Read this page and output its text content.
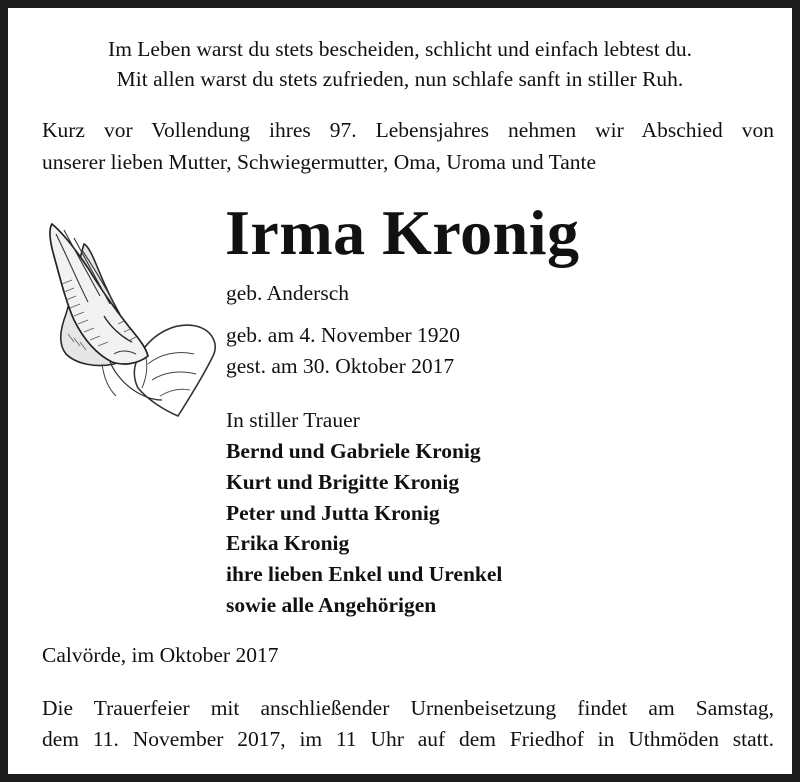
Im Leben warst du stets bescheiden, schlicht und einfach lebtest du.
Mit allen warst du stets zufrieden, nun schlafe sanft in stiller Ruh.
Kurz vor Vollendung ihres 97. Lebensjahres nehmen wir Abschied von
unserer lieben Mutter, Schwiegermutter, Oma, Uroma und Tante
Irma Kronig
geb. Andersch
geb. am 4. November 1920
gest. am 30. Oktober 2017
In stiller Trauer
Bernd und Gabriele Kronig
Kurt und Brigitte Kronig
Peter und Jutta Kronig
Erika Kronig
ihre lieben Enkel und Urenkel
sowie alle Angehörigen
Calvörde, im Oktober 2017
Die Trauerfeier mit anschließender Urnenbeisetzung findet am Samstag,
dem 11. November 2017, im 11 Uhr auf dem Friedhof in Uthmöden statt.
